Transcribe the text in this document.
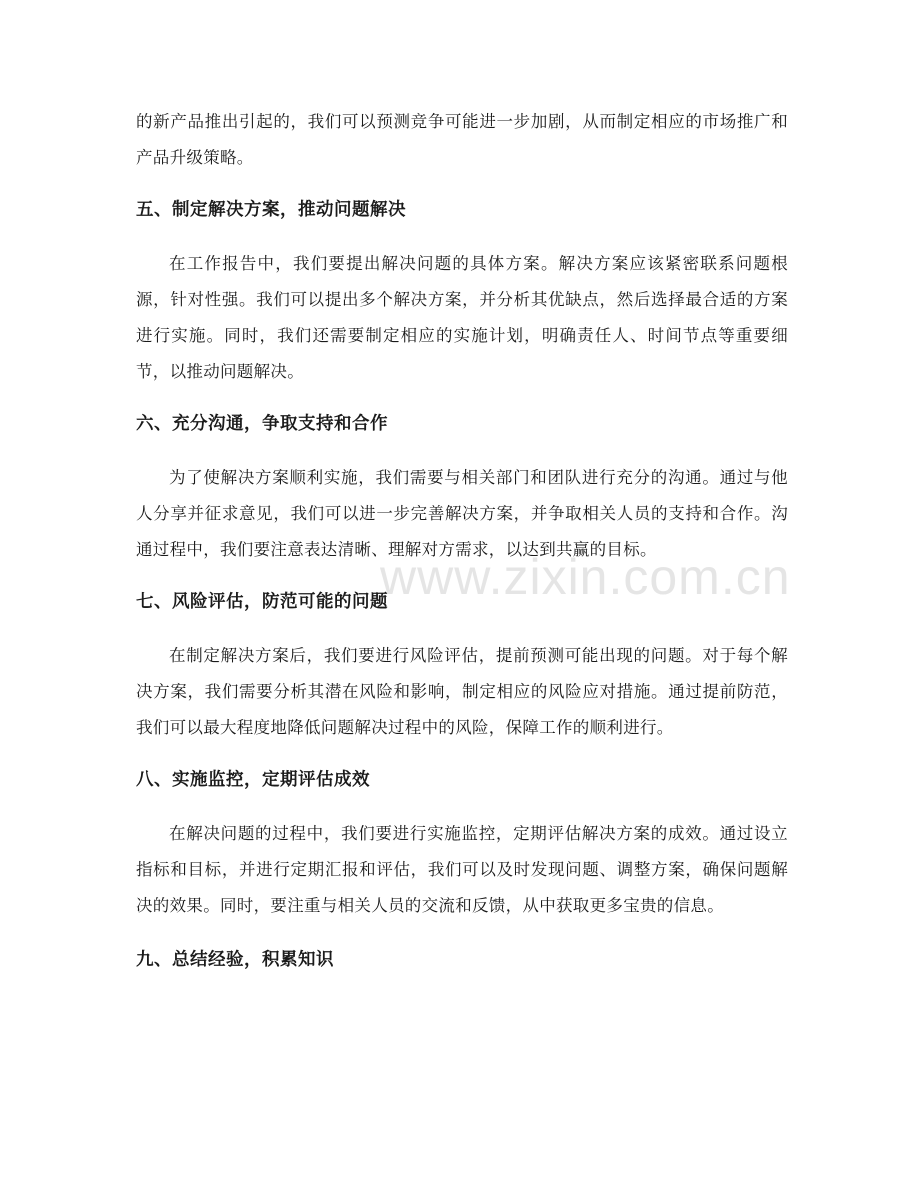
的新产品推出引起的，我们可以预测竞争可能进一步加剧，从而制定相应的市场推广和产品升级策略。

五、制定解决方案，推动问题解决

在工作报告中，我们要提出解决问题的具体方案。解决方案应该紧密联系问题根源，针对性强。我们可以提出多个解决方案，并分析其优缺点，然后选择最合适的方案进行实施。同时，我们还需要制定相应的实施计划，明确责任人、时间节点等重要细节，以推动问题解决。

六、充分沟通，争取支持和合作

为了使解决方案顺利实施，我们需要与相关部门和团队进行充分的沟通。通过与他人分享并征求意见，我们可以进一步完善解决方案，并争取相关人员的支持和合作。沟通过程中，我们要注意表达清晰、理解对方需求，以达到共赢的目标。

七、风险评估，防范可能的问题

在制定解决方案后，我们要进行风险评估，提前预测可能出现的问题。对于每个解决方案，我们需要分析其潜在风险和影响，制定相应的风险应对措施。通过提前防范，我们可以最大程度地降低问题解决过程中的风险，保障工作的顺利进行。

八、实施监控，定期评估成效

在解决问题的过程中，我们要进行实施监控，定期评估解决方案的成效。通过设立指标和目标，并进行定期汇报和评估，我们可以及时发现问题、调整方案，确保问题解决的效果。同时，要注重与相关人员的交流和反馈，从中获取更多宝贵的信息。

九、总结经验，积累知识
www.zixin.com.cn
